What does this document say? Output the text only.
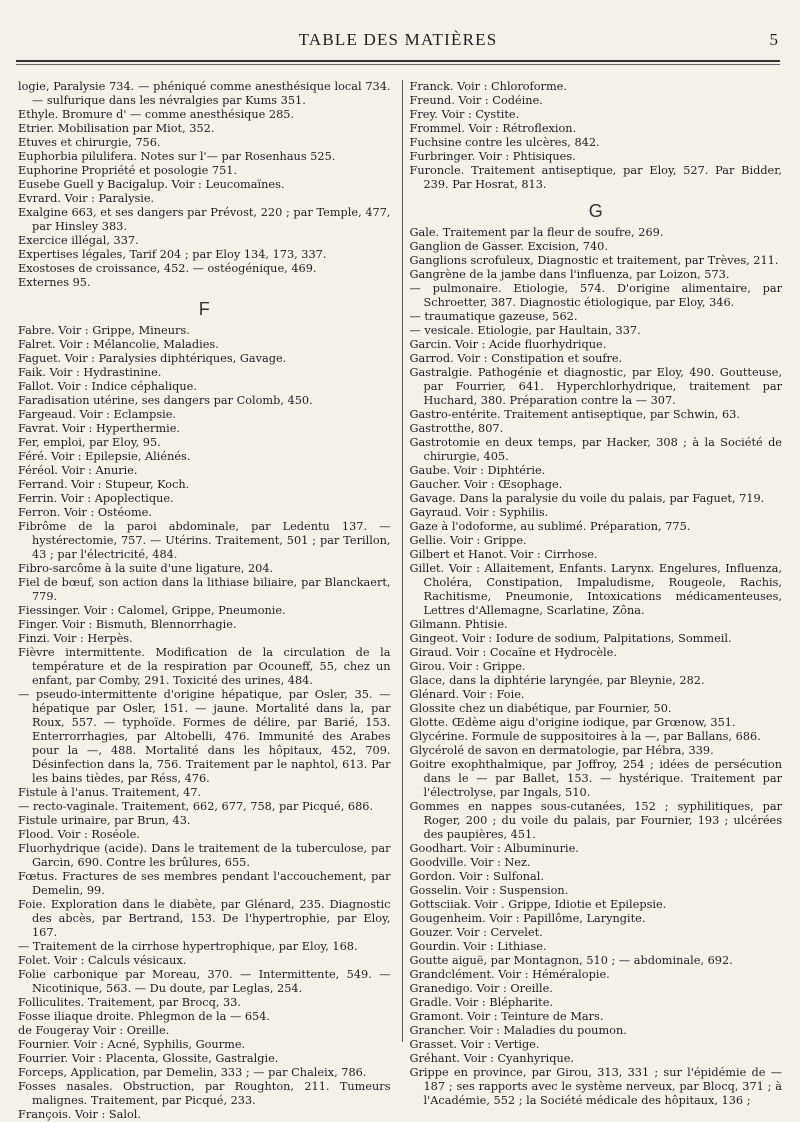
TABLE DES MATIÈRES	5
logie, Paralysie 734. — phéniqué comme anesthésique local 734. — sulfurique dans les névralgies par Kums 351.
Ethyle. Bromure d' — comme anesthésique 285.
Etrier. Mobilisation par Miot, 352.
Etuves et chirurgie, 756.
Euphorbia pilulifera. Notes sur l'— par Rosenhaus 525.
Euphorine Propriété et posologie 751.
Eusebe Guell y Bacigalup. Voir : Leucomaïnes.
Evrard. Voir : Paralysie.
Exalgine 663, et ses dangers par Prévost, 220 ; par Temple, 477, par Hinsley 383.
Exercice illégal, 337.
Expertises légales, Tarif 204 ; par Eloy 134, 173, 337.
Exostoses de croissance, 452. — ostéogénique, 469.
Externes 95.
F
Fabre. Voir : Grippe, Mineurs.
Falret. Voir : Mélancolie, Maladies.
Faguet. Voir : Paralysies diphtériques, Gavage.
Faik. Voir : Hydrastinine.
Fallot. Voir : Indice céphalique.
Faradisation utérine, ses dangers par Colomb, 450.
Fargeaud. Voir : Eclampsie.
Favrat. Voir : Hyperthermie.
Fer, emploi, par Eloy, 95.
Féré. Voir : Epilepsie, Aliénés.
Féréol. Voir : Anurie.
Ferrand. Voir : Stupeur, Koch.
Ferrin. Voir : Apoplectique.
Ferron. Voir : Ostéome.
Fibrôme de la paroi abdominale, par Ledentu 137. — hystérectomie, 757. — Utérins. Traitement, 501 ; par Terillon, 43 ; par l'électricité, 484.
Fibro-sarcôme à la suite d'une ligature, 204.
Fiel de bœuf, son action dans la lithiase biliaire, par Blanckaert, 779.
Fiessinger. Voir : Calomel, Grippe, Pneumonie.
Finger. Voir : Bismuth, Blennorrhagie.
Finzi. Voir : Herpès.
Fièvre intermittente. Modification de la circulation de la température et de la respiration par Ocouneff, 55, chez un enfant, par Comby, 291. Toxicité des urines, 484.
— pseudo-intermittente d'origine hépatique, par Osler, 35. — hépatique par Osler, 151. — jaune. Mortalité dans la, par Roux, 557. — typhoïde. Formes de délire, par Barié, 153. Enterrorrhagies, par Altobelli, 476. Immunité des Arabes pour la —, 488. Mortalité dans les hôpitaux, 452, 709. Désinfection dans la, 756. Traitement par le naphtol, 613. Par les bains tièdes, par Réss, 476.
Fistule à l'anus. Traitement, 47.
— recto-vaginale. Traitement, 662, 677, 758, par Picqué, 686.
Fistule urinaire, par Brun, 43.
Flood. Voir : Roséole.
Fluorhydrique (acide). Dans le traitement de la tuberculose, par Garcin, 690. Contre les brûlures, 655.
Fœtus. Fractures de ses membres pendant l'accouchement, par Demelin, 99.
Foie. Exploration dans le diabète, par Glénard, 235. Diagnostic des abcès, par Bertrand, 153. De l'hypertrophie, par Eloy, 167.
— Traitement de la cirrhose hypertrophique, par Eloy, 168.
Folet. Voir : Calculs vésicaux.
Folie carbonique par Moreau, 370. — Intermittente, 549. — Nicotinique, 563. — Du doute, par Leglas, 254.
Folliculites. Traitement, par Brocq, 33.
Fosse iliaque droite. Phlegmon de la — 654.
de Fougeray Voir : Oreille.
Fournier. Voir : Acné, Syphilis, Gourme.
Fourrier. Voir : Placenta, Glossite, Gastralgie.
Forceps, Application, par Demelin, 333 ; — par Chaleix, 786.
Fosses nasales. Obstruction, par Roughton, 211. Tumeurs malignes. Traitement, par Picqué, 233.
François. Voir : Salol.
Franck. Voir : Chloroforme.
Freund. Voir : Codéine.
Frey. Voir : Cystite.
Frommel. Voir : Rétroflexion.
Fuchsine contre les ulcères, 842.
Furbringer. Voir : Phtisiques.
Furoncle. Traitement antiseptique, par Eloy, 527. Par Bidder, 239. Par Hosrat, 813.
G
Gale. Traitement par la fleur de soufre, 269.
Ganglion de Gasser. Excision, 740.
Ganglions scrofuleux, Diagnostic et traitement, par Trèves, 211.
Gangrène de la jambe dans l'influenza, par Loizon, 573.
— pulmonaire. Etiologie, 574. D'origine alimentaire, par Schroetter, 387. Diagnostic étiologique, par Eloy, 346.
— traumatique gazeuse, 562.
— vesicale. Etiologie, par Haultain, 337.
Garcin. Voir : Acide fluorhydrique.
Garrod. Voir : Constipation et soufre.
Gastralgie. Pathogénie et diagnostic, par Eloy, 490. Goutteuse, par Fourrier, 641. Hyperchlorhydrique, traitement par Huchard, 380. Préparation contre la — 307.
Gastro-entérite. Traitement antiseptique, par Schwin, 63.
Gastrotthe, 807.
Gastrotomie en deux temps, par Hacker, 308 ; à la Société de chirurgie, 405.
Gaube. Voir : Diphtérie.
Gaucher. Voir : Œsophage.
Gavage. Dans la paralysie du voile du palais, par Faguet, 719.
Gayraud. Voir : Syphilis.
Gaze à l'odoforme, au sublimé. Préparation, 775.
Gellie. Voir : Grippe.
Gilbert et Hanot. Voir : Cirrhose.
Gillet. Voir : Allaitement, Enfants. Larynx. Engelures, Influenza, Choléra, Constipation, Impaludisme, Rougeole, Rachis, Rachitisme, Pneumonie, Intoxications médicamenteuses, Lettres d'Allemagne, Scarlatine, Zôna.
Gilmann. Phtisie.
Gingeot. Voir : Iodure de sodium, Palpitations, Sommeil.
Giraud. Voir : Cocaïne et Hydrocèle.
Girou. Voir : Grippe.
Glace, dans la diphtérie laryngée, par Bleynie, 282.
Glénard. Voir : Foie.
Glossite chez un diabétique, par Fournier, 50.
Glotte. Œdème aigu d'origine iodique, par Grœnow, 351.
Glycérine. Formule de suppositoires à la —, par Ballans, 686.
Glycérolé de savon en dermatologie, par Hébra, 339.
Goitre exophthalmique, par Joffroy, 254 ; idées de persécution dans le — par Ballet, 153. — hystérique. Traitement par l'électrolyse, par Ingals, 510.
Gommes en nappes sous-cutanées, 152 ; syphilitiques, par Roger, 200 ; du voile du palais, par Fournier, 193 ; ulcérées des paupières, 451.
Goodhart. Voir : Albuminurie.
Goodville. Voir : Nez.
Gordon. Voir : Sulfonal.
Gosselin. Voir : Suspension.
Gottsciiak. Voir . Grippe, Idiotie et Epilepsie.
Gougenheim. Voir : Papillôme, Laryngite.
Gouzer. Voir : Cervelet.
Gourdin. Voir : Lithiase.
Goutte aiguë, par Montagnon, 510 ; — abdominale, 692.
Grandclément. Voir : Héméralopie.
Granedigo. Voir : Oreille.
Gradle. Voir : Blépharite.
Gramont. Voir : Teinture de Mars.
Grancher. Voir : Maladies du poumon.
Grasset. Voir : Vertige.
Gréhant. Voir : Cyanhyrique.
Grippe en province, par Girou, 313, 331 ; sur l'épidémie de — 187 ; ses rapports avec le système nerveux, par Blocq, 371 ; à l'Académie, 552 ; la Société médicale des hôpitaux, 136 ;
